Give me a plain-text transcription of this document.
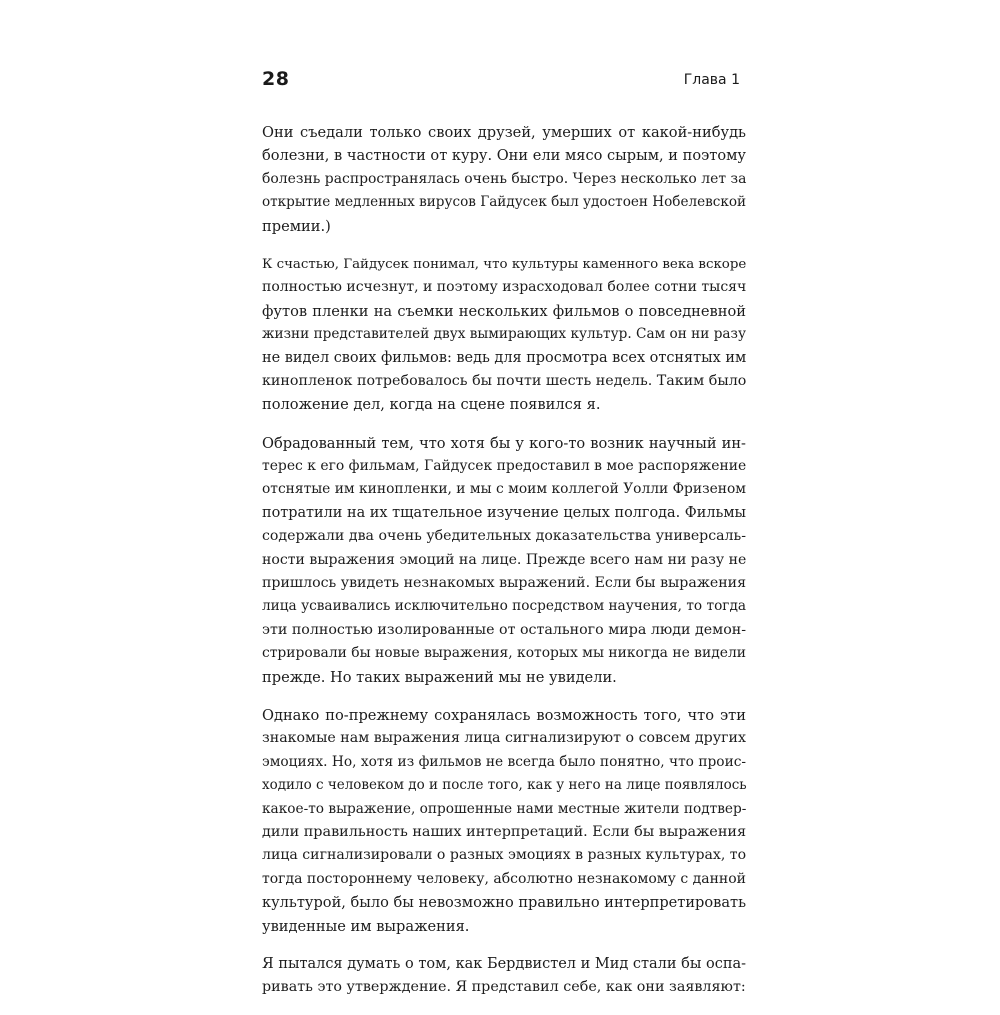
28	Глава 1
Они съедали только своих друзей, умерших от какой-нибудь
болезни, в частности от куру. Они ели мясо сырым, и поэтому
болезнь распространялась очень быстро. Через несколько лет за
открытие медленных вирусов Гайдусек был удостоен Нобелевской
премии.)
К счастью, Гайдусек понимал, что культуры каменного века вскоре
полностью исчезнут, и поэтому израсходовал более сотни тысяч
футов пленки на съемки нескольких фильмов о повседневной
жизни представителей двух вымирающих культур. Сам он ни разу
не видел своих фильмов: ведь для просмотра всех отснятых им
кинопленок потребовалось бы почти шесть недель. Таким было
положение дел, когда на сцене появился я.
Обрадованный тем, что хотя бы у кого-то возник научный ин-
терес к его фильмам, Гайдусек предоставил в мое распоряжение
отснятые им кинопленки, и мы с моим коллегой Уолли Фризеном
потратили на их тщательное изучение целых полгода. Фильмы
содержали два очень убедительных доказательства универсаль-
ности выражения эмоций на лице. Прежде всего нам ни разу не
пришлось увидеть незнакомых выражений. Если бы выражения
лица усваивались исключительно посредством научения, то тогда
эти полностью изолированные от остального мира люди демон-
стрировали бы новые выражения, которых мы никогда не видели
прежде. Но таких выражений мы не увидели.
Однако по-прежнему сохранялась возможность того, что эти
знакомые нам выражения лица сигнализируют о совсем других
эмоциях. Но, хотя из фильмов не всегда было понятно, что проис-
ходило с человеком до и после того, как у него на лице появлялось
какое-то выражение, опрошенные нами местные жители подтвер-
дили правильность наших интерпретаций. Если бы выражения
лица сигнализировали о разных эмоциях в разных культурах, то
тогда постороннему человеку, абсолютно незнакомому с данной
культурой, было бы невозможно правильно интерпретировать
увиденные им выражения.
Я пытался думать о том, как Бердвистел и Мид стали бы оспа-
ривать это утверждение. Я представил себе, как они заявляют:
